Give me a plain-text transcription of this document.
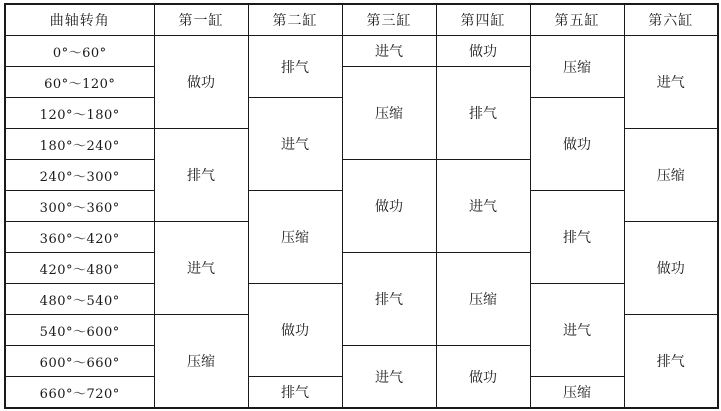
曲轴转角	第一缸	第二缸	第三缸	第四缸	第五缸	第六缸
0°～60°	做功	排气	进气	做功	压缩	进气
60°～120°			压缩	排气		
120°～180°		进气			做功	
180°～240°	排气					压缩
240°～300°			做功	进气		
300°～360°		压缩			排气	
360°～420°	进气					做功
420°～480°			排气	压缩		
480°～540°		做功			进气	
540°～600°	压缩					排气
600°～660°			进气	做功		
660°～720°		排气			压缩	
